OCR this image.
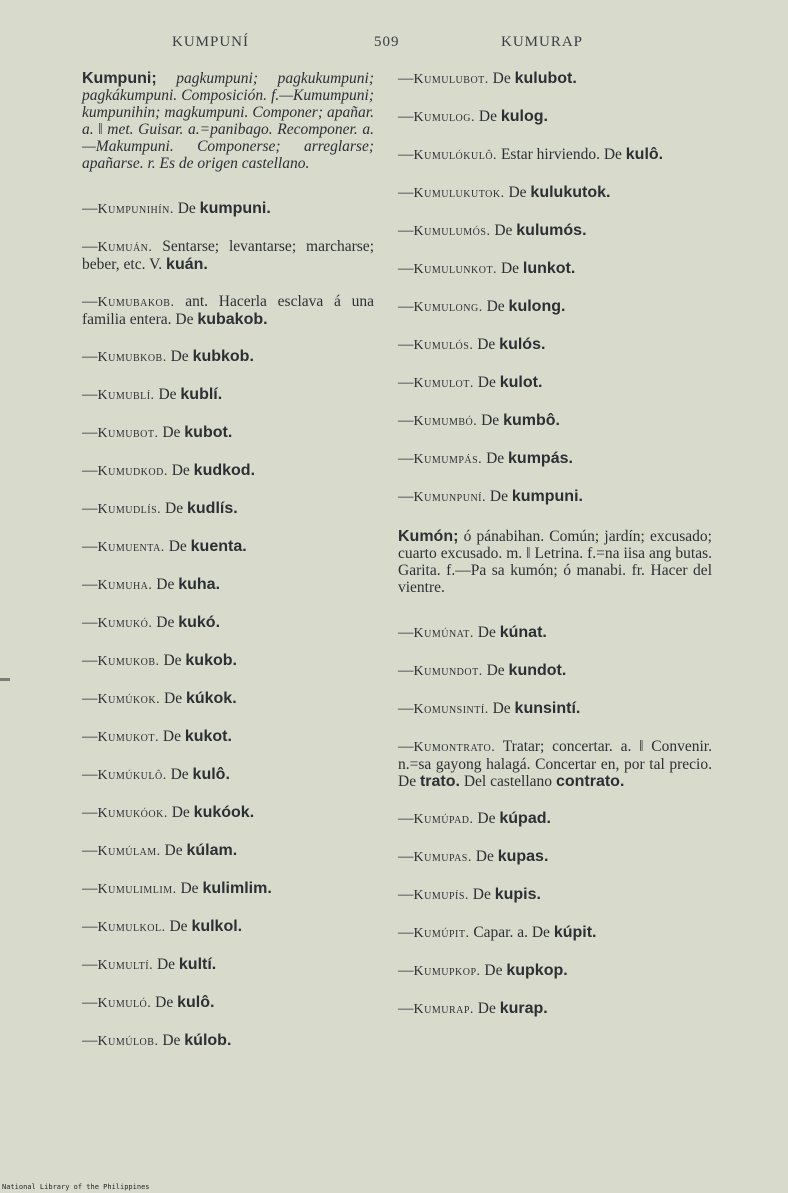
KUMPUNÍ	509	KUMURAP
Kumpuni; pagkumpuni; pagkukumpuni; pagkákumpuni. Composición. f.—Kumumpuni; kumpunihin; magkumpuni. Componer; apañar. a. ‖ met. Guisar. a.=panibago. Recomponer. a.—Makumpuni. Componerse; arreglarse; apañarse. r. Es de origen castellano.
—Kumpunihín. De kumpuni.
—Kumuán. Sentarse; levantarse; marcharse; beber, etc. V. kuán.
—Kumubakob. ant. Hacerla esclava á una familia entera. De kubakob.
—Kumubkob. De kubkob.
—Kumublí. De kublí.
—Kumubot. De kubot.
—Kumudkod. De kudkod.
—Kumudlís. De kudlís.
—Kumuenta. De kuenta.
—Kumuha. De kuha.
—Kumukó. De kukó.
—Kumukob. De kukob.
—Kumúkok. De kúkok.
—Kumukot. De kukot.
—Kumúkulô. De kulô.
—Kumukóok. De kukóok.
—Kumúlam. De kúlam.
—Kumulimlim. De kulimlim.
—Kumulkol. De kulkol.
—Kumultí. De kultí.
—Kumuló. De kulô.
—Kumúlob. De kúlob.
—Kumulubot. De kulubot.
—Kumulog. De kulog.
—Kumulókulô. Estar hirviendo. De kulô.
—Kumulukutok. De kulukutok.
—Kumulumós. De kulumós.
—Kumulunkot. De lunkot.
—Kumulong. De kulong.
—Kumulós. De kulós.
—Kumulot. De kulot.
—Kumumbó. De kumbô.
—Kumumpás. De kumpás.
—Kumunpuní. De kumpuni.
Kumón; ó pánabihan. Común; jardín; excusado; cuarto excusado. m. ‖ Letrina. f.=na iisa ang butas. Garita. f.—Pa sa kumón; ó manabi. fr. Hacer del vientre.
—Kumúnat. De kúnat.
—Kumundot. De kundot.
—Komunsintí. De kunsintí.
—Kumontrato. Tratar; concertar. a. ‖ Convenir. n.=sa gayong halagá. Concertar en, por tal precio. De trato. Del castellano contrato.
—Kumúpad. De kúpad.
—Kumupas. De kupas.
—Kumupís. De kupis.
—Kumúpit. Capar. a. De kúpit.
—Kumupkop. De kupkop.
—Kumurap. De kurap.
National Library of the Philippines
